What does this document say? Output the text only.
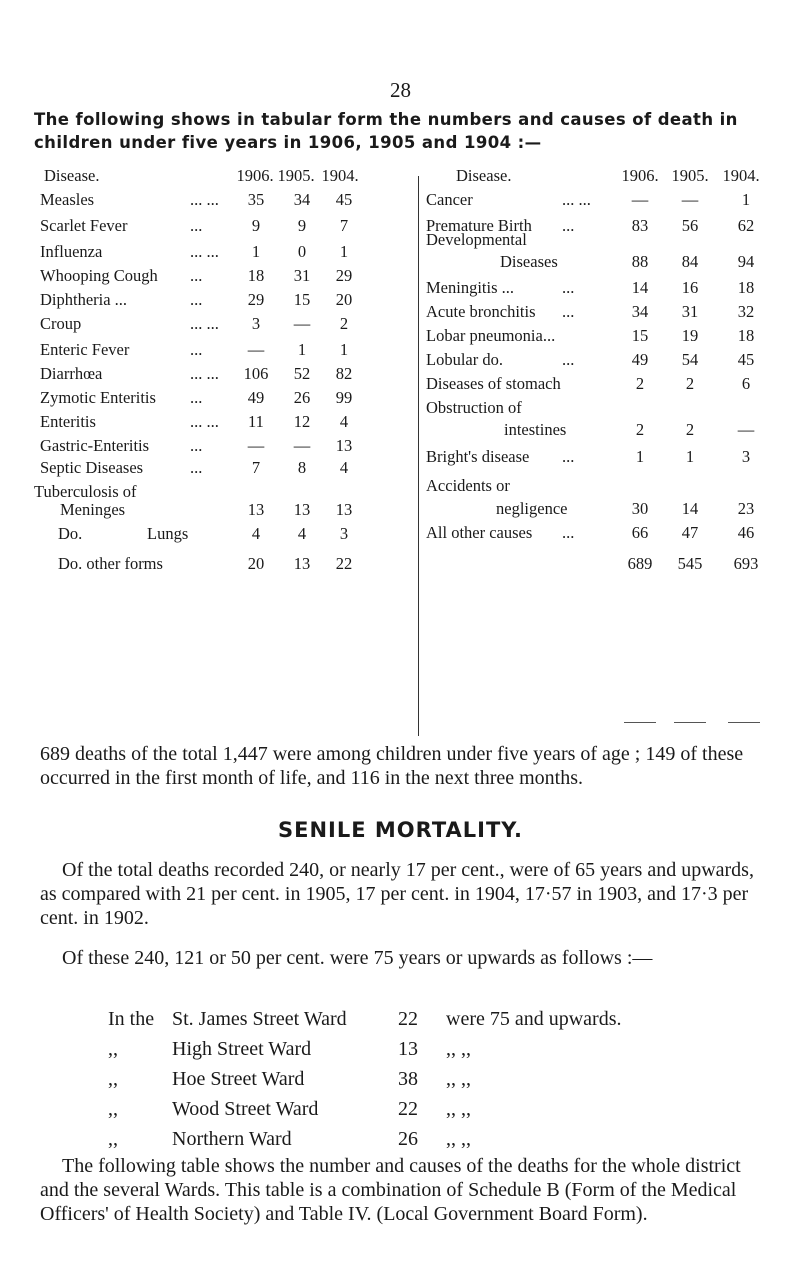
28
The following shows in tabular form the numbers and causes of death in children under five years in 1906, 1905 and 1904 :—
Disease.	1906. 1905. 1904.
Measles	... ...	35	34	45
Scarlet Fever	...	9	9	7
Influenza	... ...	1	0	1
Whooping Cough ...	18	31	29
Diphtheria ...	...	29	15	20
Croup	... ...	3	—	2
Enteric Fever	...	—	1	1
Diarrhœa	... ...	106	52	82
Zymotic Enteritis ...	49	26	99
Enteritis	... ...	11	12	4
Gastric-Enteritis ...	—	—	13
Septic Diseases	...	7	8	4
Tuberculosis of
Meninges	13	13	13
Do.	Lungs	4	4	3
Do. other forms	20	13	22
Disease.	1906. 1905. 1904.
Cancer	... ...	—	—	1
Premature Birth ...	83	56	62
Developmental
Diseases	88	84	94
Meningitis ...	...	14	16	18
Acute bronchitis ...	34	31	32
Lobar pneumonia...	15	19	18
Lobular do.	...	49	54	45
Diseases of stomach	2	2	6
Obstruction of
intestines	2	2	—
Bright's disease ...	1	1	3
Accidents or
negligence	30	14	23
All other causes ...	66	47	46
689	545	693
689 deaths of the total 1,447 were among children under five years of age ; 149 of these occurred in the first month of life, and 116 in the next three months.
SENILE MORTALITY.
Of the total deaths recorded 240, or nearly 17 per cent., were of 65 years and upwards, as compared with 21 per cent. in 1905, 17 per cent. in 1904, 17·57 in 1903, and 17·3 per cent. in 1902.
Of these 240, 121 or 50 per cent. were 75 years or upwards as follows :—
In the St. James Street Ward	22 were 75 and upwards.
,,	High Street Ward	13 ,, ,,
,,	Hoe Street Ward	38 ,, ,,
,,	Wood Street Ward	22 ,, ,,
,,	Northern Ward	26 ,, ,,
The following table shows the number and causes of the deaths for the whole district and the several Wards. This table is a combination of Schedule B (Form of the Medical Officers' of Health Society) and Table IV. (Local Government Board Form).
